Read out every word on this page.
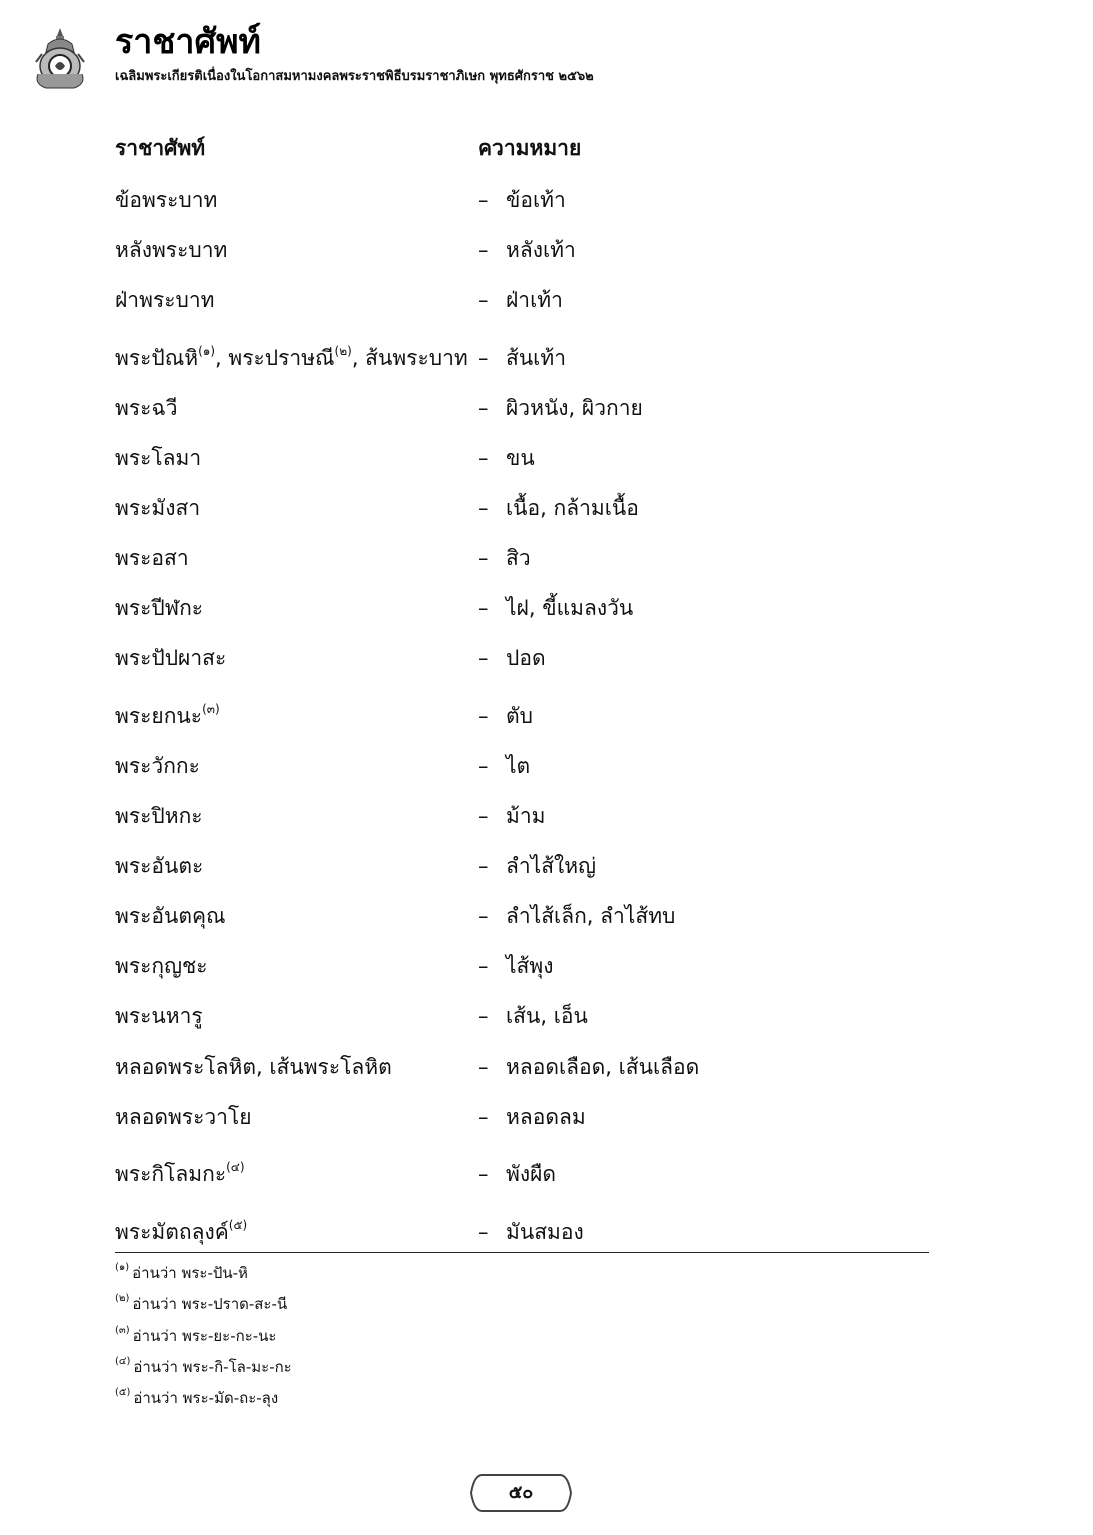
ราชาศัพท์
เฉลิมพระเกียรติเนื่องในโอกาสมหามงคลพระราชพิธีบรมราชาภิเษก พุทธศักราช ๒๕๖๒
ราชาศัพท์	ความหมาย
ข้อพระบาท	– ข้อเท้า
หลังพระบาท	– หลังเท้า
ฝ่าพระบาท	– ฝ่าเท้า
พระปัณหิ$^{(๑)}$, พระปราษณี$^{(๒)}$, ส้นพระบาท – ส้นเท้า
พระฉวี	– ผิวหนัง, ผิวกาย
พระโลมา	– ขน
พระมังสา	– เนื้อ, กล้ามเนื้อ
พระอสา	– สิว
พระปีฬกะ	– ไฝ, ขี้แมลงวัน
พระปัปผาสะ	– ปอด
พระยกนะ$^{(๓)}$	– ตับ
พระวักกะ	– ไต
พระปิหกะ	– ม้าม
พระอันตะ	– ลำไส้ใหญ่
พระอันตคุณ	– ลำไส้เล็ก, ลำไส้ทบ
พระกุญชะ	– ไส้พุง
พระนหารู	– เส้น, เอ็น
หลอดพระโลหิต, เส้นพระโลหิต	– หลอดเลือด, เส้นเลือด
หลอดพระวาโย	– หลอดลม
พระกิโลมกะ$^{(๔)}$	– พังผืด
พระมัตถลุงค์$^{(๕)}$	– มันสมอง
$^{(๑)}$ อ่านว่า พระ-ปัน-หิ
$^{(๒)}$ อ่านว่า พระ-ปราด-สะ-นี
$^{(๓)}$ อ่านว่า พระ-ยะ-กะ-นะ
$^{(๔)}$ อ่านว่า พระ-กิ-โล-มะ-กะ
$^{(๕)}$ อ่านว่า พระ-มัด-ถะ-ลุง
๕๐
